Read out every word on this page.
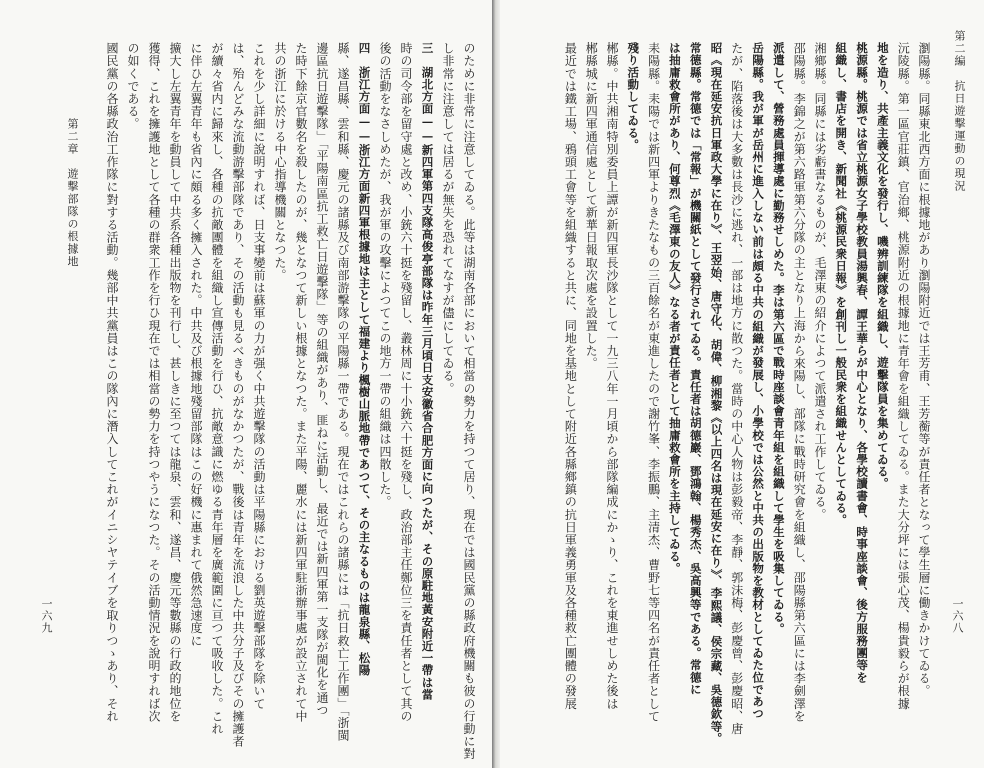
一六九
第二章　遊擊部隊の根據地	のために非常に注意してゐる。此等は湖南各部において相當の勢力を持つて居り、現在では國民黨の縣政府機關も彼の行動に對
し非常に注意しては居るが無失を恐れてなすが儘にしてゐる。
三　湖北方面——新四軍第四支隊高俊亭部隊は昨年三月頃日支安徽省合肥方面に向つたが、その原駐地黃安附近一帶は當
時の司令部を留守處と改め、小銃六十挺を殘留し、叢林周に十小銃六十挺を殘し、政治部主任鄭位三を責任者として其の
後の活動をなさしめたが、我が軍の攻擊によつてこの地方一帶の組織は四散した。
四　浙江方面——浙江方面新四軍根據地は主として福建より楓樹山脈地帶であつて、その主なるものは龍泉縣、松陽
縣、遂昌縣、雲和縣、慶元の諸縣及び南部游擊隊の平陽縣一帶である。現在ではこれらの諸縣には「抗日救亡工作團」「浙閩
邊區抗日遊擊隊」「平陽南區抗工救亡日遊擊隊」等の組織があり、匪ねに活動し、最近では新四軍第一支隊が閩化を通つ
た時下餘京官數名を殺したのが、幾となつて新しい根據となつた。また平陽、麗水には新四軍駐浙辦事處が設立されて中
共の浙江に於ける中心指導機關となつた。
これを少し詳細に說明すれば、日支事變前は蘇軍の力が强く中共遊擊隊の活動は平陽縣における劉英遊擊部隊を除いて
は、殆んどみな流動游擊部隊であり、その活動も見るべきものがなかつたが、戰後は青年を流浪した中共分子及びその擁護者
が續々省内に歸來し、各種の抗敵團體を組織し宣傳活動を行ひ、抗敵意識に燃ゆる青年層を廣範圍に亘つて吸收した。これ
に伴ひ左翼青年も省內に頗る多く擁入された。中共及び根據地殘留部隊はこの好機に惠まれて俄然急速度に
擴大し左翼青年を動員して中共系各種出版物を刊行し、甚しきに至つては龍泉、雲和、遂昌、慶元等數縣の行政的地位を
獲得、これを擁護地として各種の群衆工作を行ひ現在では相當の勢力を持つやうになつた。その活動情況を說明すれば次
の如くである。
國民黨の各縣政治工作隊に對する活動。幾部中共黨員はこの隊內に潛入してこれがイニシヤテイブを取りつゝあり、それ	第二編　抗日遊擊運動の現況
一六八
瀏陽縣。同縣東北西方面に根據地があり瀏陽附近では王芳甫、王芳蘅等が責任者となって學生層に働きかけてゐる。
沅陵縣。第一區官莊鎮、官治鄉、桃源附近の根據地に青年會を組織してゐる。また大分坪には張心茂、楊貴毅らが根據
地を造り、共產主義文化を發行し、嘰辨訓練隊を組織し、遊擊隊員を集めてゐる。
桃源縣。桃源では省立桃源女子學校教員湯興春、譚王華らが中心となり、各學校讀書會、時事座談會、後方服務團等を
組織し、書店を開き、新聞社《桃源民衆日報》を創刊し一般民衆を組織せんとしてゐる。
湘鄉縣。同縣には劣虧書なるものが、毛澤東の紹介によつて派遣され工作してゐる。
邵陽縣。李錦之が第六路軍第六分隊の主となり上海から來陽し、部隊に戰時研究會を組織し、邵陽縣第六區には李劍澤を
派遣して、營務處員揮導處に勤務せしめた。李は第六區で戰時座談會青年組を組織して學生を吸集してゐる。
岳陽縣。我が軍が岳州に進入しない前は頗る中共の組織が發展し、小學校では公然と中共の出版物を教材としてゐた位であつ
たが、陷落後は大多數は長沙に逃れ、一部は地方に散つた。當時の中心人物は彭毅帝、李靜、郭沫梅、彭慶曾、彭慶昭、唐
昭《現在延安抗日軍政大學に在り》、王翌始、唐守化、胡偉、柳湘黎《以上四名は現在延安に在り》、李熙議、侯宗藏、吳德欽等。
常德縣。常德では「常報」が機關紙として發行されてゐる。責任者は胡德巖、鄧鴻翰、楊秀杰、吳高興等である。常德に
は抽庸救會所があり、何尊烈《毛澤東の友人》なる者が責任者として抽庸救會所を主持してゐる。
耒陽縣。耒陽では新四軍よりきたなもの三百餘名が東進したので謝竹峯、李振鵬、主清杰、曹野七等四名が責任者として
殘り活動してゐる。
郴縣。中共湘南特別委員上譚が新四軍長沙隊として一九三八年一月頃から部隊編成にかゝり、これを東進せしめた後は
郴縣城に新四軍通信處として新華日報取次處を設置した。
最近では鐵工場、鴉頭工會等を組織すると共に、同地を基地として附近各縣鄉鎮の抗日軍義勇軍及各種救亡團體の發展
